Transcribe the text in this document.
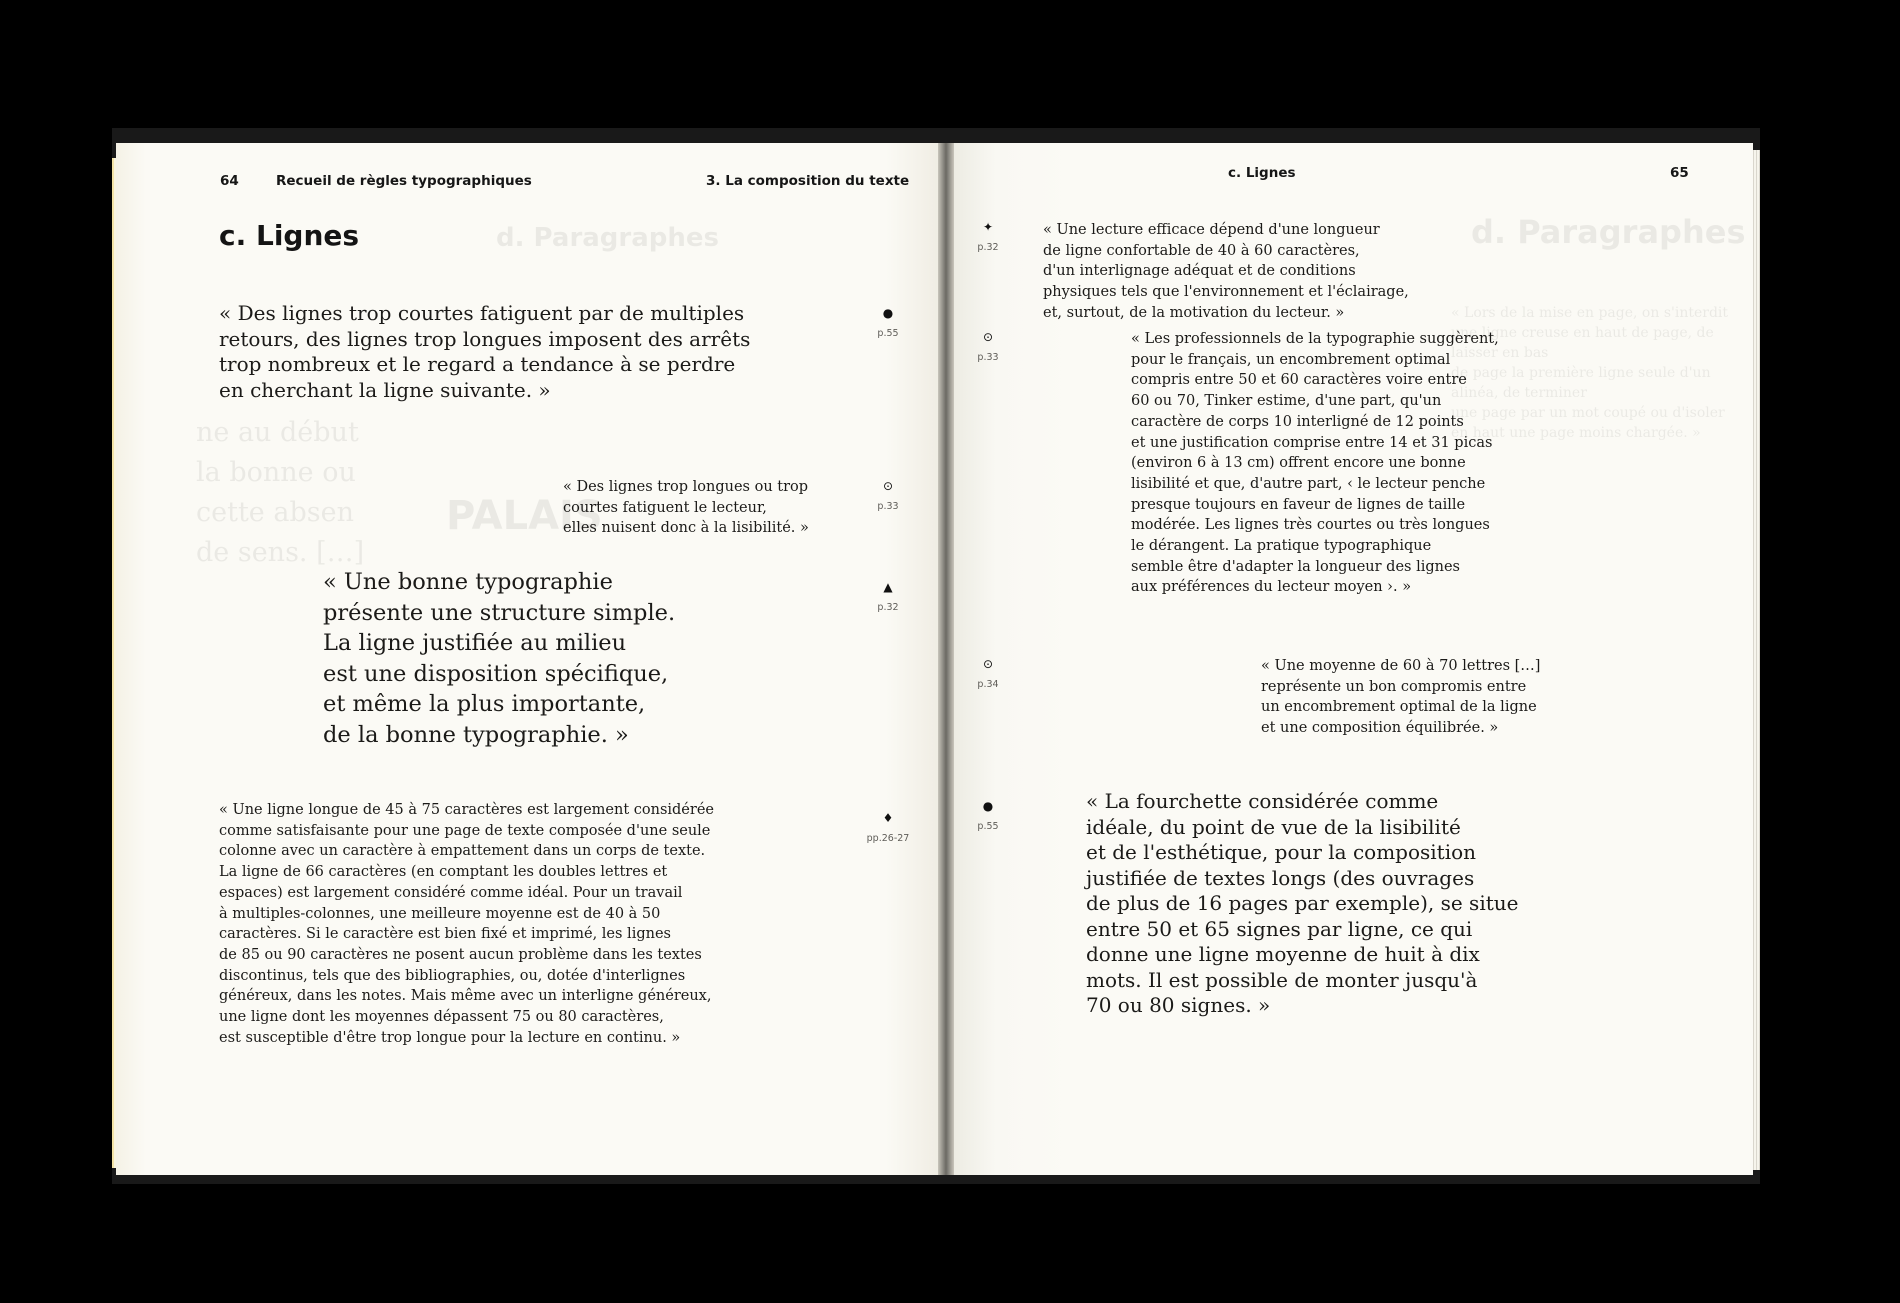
d. Paragraphes
ne au début
la bonne ou
cette absen
de sens. […]
PALAIS
64	Recueil de règles typographiques	3. La composition du texte
c. Lignes

« Des lignes trop courtes fatiguent par de multiples
retours, des lignes trop longues imposent des arrêts
trop nombreux et le regard a tendance à se perdre
en cherchant la ligne suivante. »

●
p.55

« Des lignes trop longues ou trop
courtes fatiguent le lecteur,
elles nuisent donc à la lisibilité. »

⊙
p.33

« Une bonne typographie
présente une structure simple.
La ligne justifiée au milieu
est une disposition spécifique,
et même la plus importante,
de la bonne typographie. »

▲
p.32

« Une ligne longue de 45 à 75 caractères est largement considérée
comme satisfaisante pour une page de texte composée d'une seule
colonne avec un caractère à empattement dans un corps de texte.
La ligne de 66 caractères (en comptant les doubles lettres et
espaces) est largement considéré comme idéal. Pour un travail
à multiples-colonnes, une meilleure moyenne est de 40 à 50
caractères. Si le caractère est bien fixé et imprimé, les lignes
de 85 ou 90 caractères ne posent aucun problème dans les textes
discontinus, tels que des bibliographies, ou, dotée d'interlignes
généreux, dans les notes. Mais même avec un interligne généreux,
une ligne dont les moyennes dépassent 75 ou 80 caractères,
est susceptible d'être trop longue pour la lecture en continu. »

♦
pp.26-27
d. Paragraphes
« Lors de la mise en page, on s'interdit
une ligne creuse en haut de page, de laisser en bas
de page la première ligne seule d'un alinéa, de terminer
une page par un mot coupé ou d'isoler
en haut une page moins chargée. »
c. Lignes	65
✦
p.32

« Une lecture efficace dépend d'une longueur
de ligne confortable de 40 à 60 caractères,
d'un interlignage adéquat et de conditions
physiques tels que l'environnement et l'éclairage,
et, surtout, de la motivation du lecteur. »

⊙
p.33

« Les professionnels de la typographie suggèrent,
pour le français, un encombrement optimal
compris entre 50 et 60 caractères voire entre
60 ou 70, Tinker estime, d'une part, qu'un
caractère de corps 10 interligné de 12 points
et une justification comprise entre 14 et 31 picas
(environ 6 à 13 cm) offrent encore une bonne
lisibilité et que, d'autre part, ‹ le lecteur penche
presque toujours en faveur de lignes de taille
modérée. Les lignes très courtes ou très longues
le dérangent. La pratique typographique
semble être d'adapter la longueur des lignes
aux préférences du lecteur moyen ›. »

⊙
p.34

« Une moyenne de 60 à 70 lettres […]
représente un bon compromis entre
un encombrement optimal de la ligne
et une composition équilibrée. »

●
p.55

« La fourchette considérée comme
idéale, du point de vue de la lisibilité
et de l'esthétique, pour la composition
justifiée de textes longs (des ouvrages
de plus de 16 pages par exemple), se situe
entre 50 et 65 signes par ligne, ce qui
donne une ligne moyenne de huit à dix
mots. Il est possible de monter jusqu'à
70 ou 80 signes. »
